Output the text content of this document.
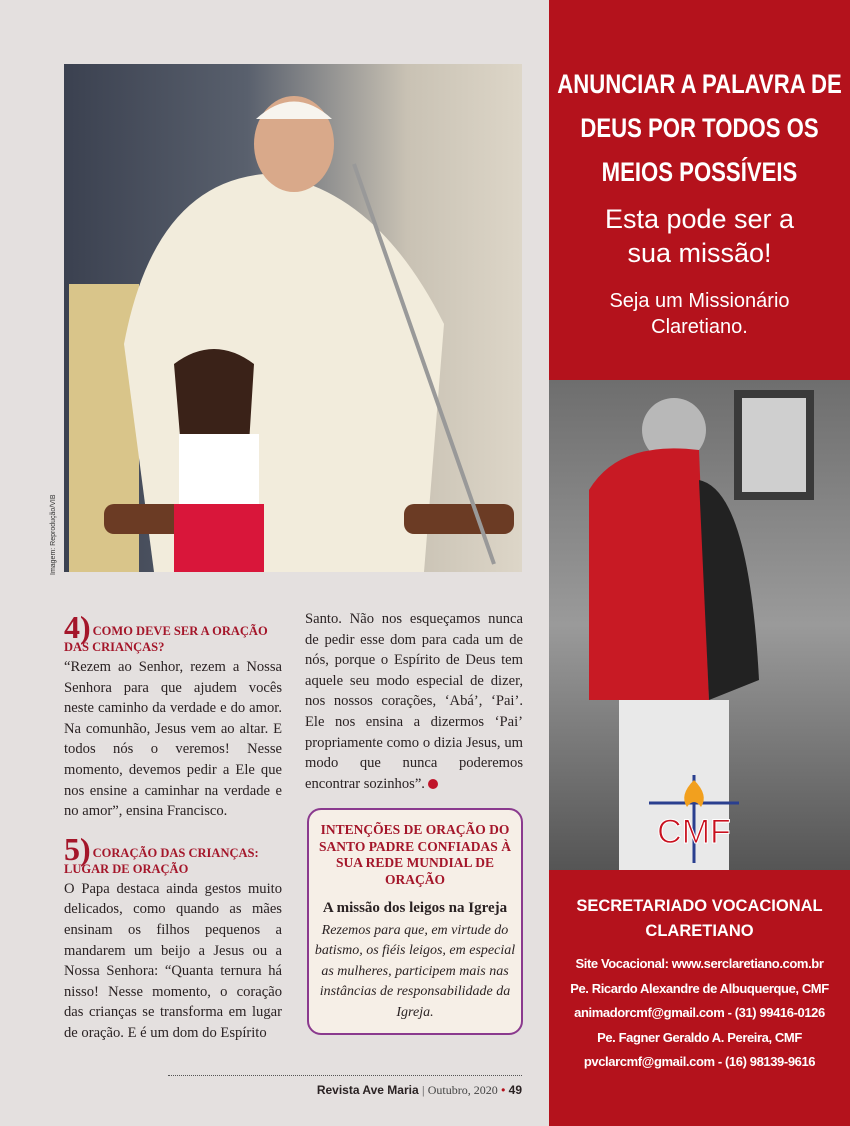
Imagem: Reprodução/VIB
4) COMO DEVE SER A ORAÇÃO DAS CRIANÇAS?

“Rezem ao Senhor, rezem a Nossa Senhora para que ajudem vocês neste caminho da verdade e do amor. Na comunhão, Jesus vem ao altar. E todos nós o veremos! Nesse momento, devemos pedir a Ele que nos ensine a caminhar na verdade e no amor”, ensina Francisco.

5) CORAÇÃO DAS CRIANÇAS: LUGAR DE ORAÇÃO

O Papa destaca ainda gestos muito delicados, como quando as mães ensinam os filhos pequenos a mandarem um beijo a Jesus ou a Nossa Senhora: “Quanta ternura há nisso! Nesse momento, o coração das crianças se transforma em lugar de oração. E é um dom do Espírito

Santo. Não nos esqueçamos nunca de pedir esse dom para cada um de nós, porque o Espírito de Deus tem aquele seu modo especial de dizer, nos nossos corações, ‘Abá’, ‘Pai’. Ele nos ensina a dizermos ‘Pai’ propriamente como o dizia Jesus, um modo que nunca poderemos encontrar sozinhos”.

INTENÇÕES DE ORAÇÃO DO SANTO PADRE CONFIADAS À SUA REDE MUNDIAL DE ORAÇÃO
A missão dos leigos na Igreja
Rezemos para que, em virtude do batismo, os fiéis leigos, em especial as mulheres, participem mais nas instâncias de responsabilidade da Igreja.
Revista Ave Maria | Outubro, 2020 • 49
ANUNCIAR A PALAVRA DE DEUS POR TODOS OS MEIOS POSSÍVEIS
Esta pode ser a sua missão!
Seja um Missionário Claretiano.
CMF
SECRETARIADO VOCACIONAL CLARETIANO
Site Vocacional: www.serclaretiano.com.br
Pe. Ricardo Alexandre de Albuquerque, CMF
animadorcmf@gmail.com - (31) 99416-0126
Pe. Fagner Geraldo A. Pereira, CMF
pvclarcmf@gmail.com - (16) 98139-9616
